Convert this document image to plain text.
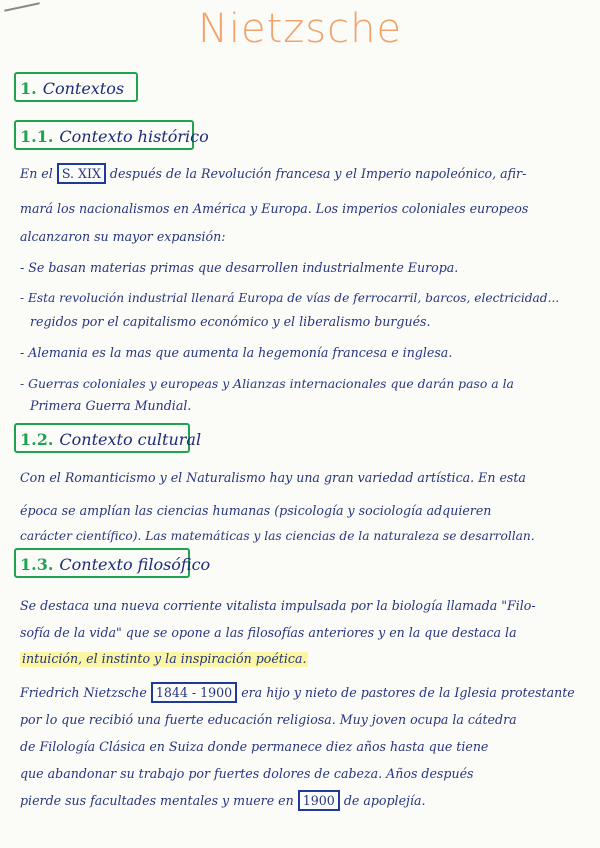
Nietzsche
1. Contextos
1.1. Contexto histórico
En el S. XIX después de la Revolución francesa y el Imperio napoleónico, afir-
mará los nacionalismos en América y Europa. Los imperios coloniales europeos
alcanzaron su mayor expansión:
- Se basan materias primas que desarrollen industrialmente Europa.
- Esta revolución industrial llenará Europa de vías de ferrocarril, barcos, electricidad...
regidos por el capitalismo económico y el liberalismo burgués.
- Alemania es la mas que aumenta la hegemonía francesa e inglesa.
- Guerras coloniales y europeas y Alianzas internacionales que darán paso a la
Primera Guerra Mundial.
1.2. Contexto cultural
Con el Romanticismo y el Naturalismo hay una gran variedad artística. En esta
época se amplían las ciencias humanas (psicología y sociología adquieren
carácter científico). Las matemáticas y las ciencias de la naturaleza se desarrollan.
1.3. Contexto filosófico
Se destaca una nueva corriente vitalista impulsada por la biología llamada "Filo-
sofía de la vida" que se opone a las filosofías anteriores y en la que destaca la
intuición, el instinto y la inspiración poética.
Friedrich Nietzsche 1844 - 1900 era hijo y nieto de pastores de la Iglesia protestante
por lo que recibió una fuerte educación religiosa. Muy joven ocupa la cátedra
de Filología Clásica en Suiza donde permanece diez años hasta que tiene
que abandonar su trabajo por fuertes dolores de cabeza. Años después
pierde sus facultades mentales y muere en 1900 de apoplejía.
